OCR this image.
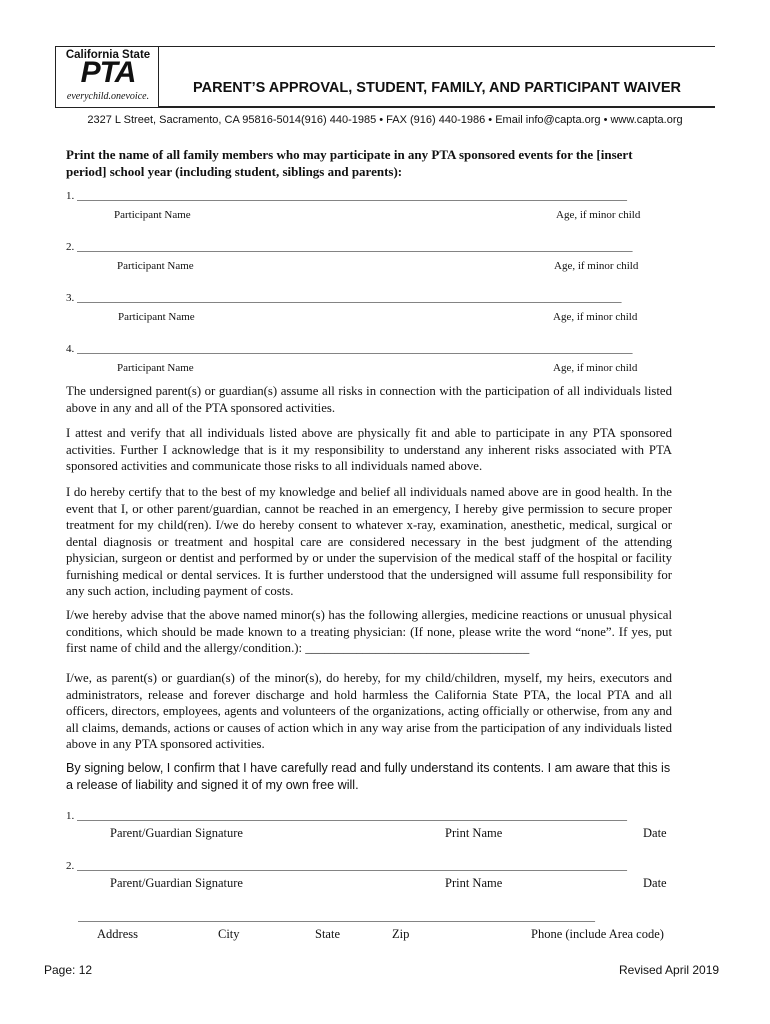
California State
PTA
everychild.onevoice.
PARENT’S APPROVAL, STUDENT, FAMILY, AND PARTICIPANT WAIVER
2327 L Street, Sacramento, CA 95816-5014(916) 440-1985 • FAX (916) 440-1986 • Email info@capta.org • www.capta.org
Print the name of all family members who may participate in any PTA sponsored events for the [insert period] school year (including student, siblings and parents):
1. ____________________________________________________________________________________________________
Participant Name	Age, if minor child
2. _____________________________________________________________________________________________________
Participant Name	Age, if minor child
3. ___________________________________________________________________________________________________
Participant Name	Age, if minor child
4. _____________________________________________________________________________________________________
Participant Name	Age, if minor child
The undersigned parent(s) or guardian(s) assume all risks in connection with the participation of all individuals listed above in any and all of the PTA sponsored activities.
I attest and verify that all individuals listed above are physically fit and able to participate in any PTA sponsored activities. Further I acknowledge that is it my responsibility to understand any inherent risks associated with PTA sponsored activities and communicate those risks to all individuals named above.
I do hereby certify that to the best of my knowledge and belief all individuals named above are in good health. In the event that I, or other parent/guardian, cannot be reached in an emergency, I hereby give permission to secure proper treatment for my child(ren). I/we do hereby consent to whatever x-ray, examination, anesthetic, medical, surgical or dental diagnosis or treatment and hospital care are considered necessary in the best judgment of the attending physician, surgeon or dentist and performed by or under the supervision of the medical staff of the hospital or facility furnishing medical or dental services. It is further understood that the undersigned will assume full responsibility for any such action, including payment of costs.
I/we hereby advise that the above named minor(s) has the following allergies, medicine reactions or unusual physical conditions, which should be made known to a treating physician: (If none, please write the word “none”. If yes, put first name of child and the allergy/condition.): ___________________________________
I/we, as parent(s) or guardian(s) of the minor(s), do hereby, for my child/children, myself, my heirs, executors and administrators, release and forever discharge and hold harmless the California State PTA, the local PTA and all officers, directors, employees, agents and volunteers of the organizations, acting officially or otherwise, from any and all claims, demands, actions or causes of action which in any way arise from the participation of any individuals listed above in any PTA sponsored activities.
By signing below, I confirm that I have carefully read and fully understand its contents. I am aware that this is a release of liability and signed it of my own free will.
1. ____________________________________________________________________________________________________
Parent/Guardian Signature	Print Name	Date
2. ____________________________________________________________________________________________________
Parent/Guardian Signature	Print Name	Date
______________________________________________________________________________________________
Address	City	State	Zip	Phone (include Area code)
Page: 12	Revised April 2019
